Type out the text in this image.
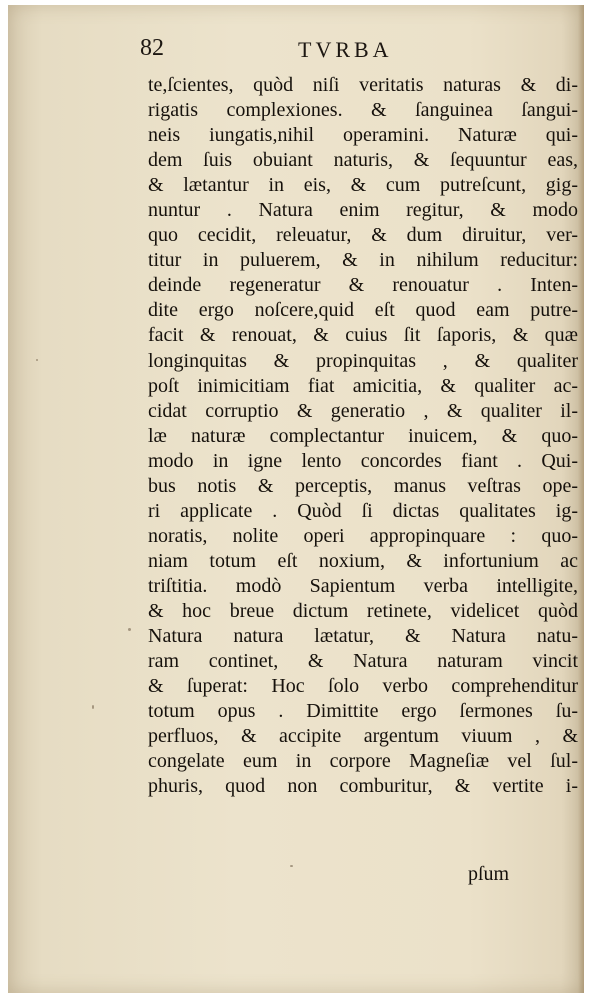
82	TVRBA
te,ſcientes, quòd niſi veritatis naturas & di-
rigatis complexiones. & ſanguinea ſangui-
neis iungatis,nihil operamini. Naturæ qui-
dem ſuis obuiant naturis, & ſequuntur eas,
& lætantur in eis, & cum putreſcunt, gig-
nuntur . Natura enim regitur, & modo
quo cecidit, releuatur, & dum diruitur, ver-
titur in puluerem, & in nihilum reducitur:
deinde regeneratur & renouatur . Inten-
dite ergo noſcere,quid eſt quod eam putre-
facit & renouat, & cuius ſit ſaporis, & quæ
longinquitas & propinquitas , & qualiter
poſt inimicitiam fiat amicitia, & qualiter ac-
cidat corruptio & generatio , & qualiter il-
læ naturæ complectantur inuicem, & quo-
modo in igne lento concordes fiant . Qui-
bus notis & perceptis, manus veſtras ope-
ri applicate . Quòd ſi dictas qualitates ig-
noratis, nolite operi appropinquare : quo-
niam totum eſt noxium, & infortunium ac
triſtitia. modò Sapientum verba intelligite,
& hoc breue dictum retinete, videlicet quòd
Natura natura lætatur, & Natura natu-
ram continet, & Natura naturam vincit
& ſuperat: Hoc ſolo verbo comprehenditur
totum opus . Dimittite ergo ſermones ſu-
perfluos, & accipite argentum viuum , &
congelate eum in corpore Magneſiæ vel ſul-
phuris, quod non comburitur, & vertite i-
pſum
